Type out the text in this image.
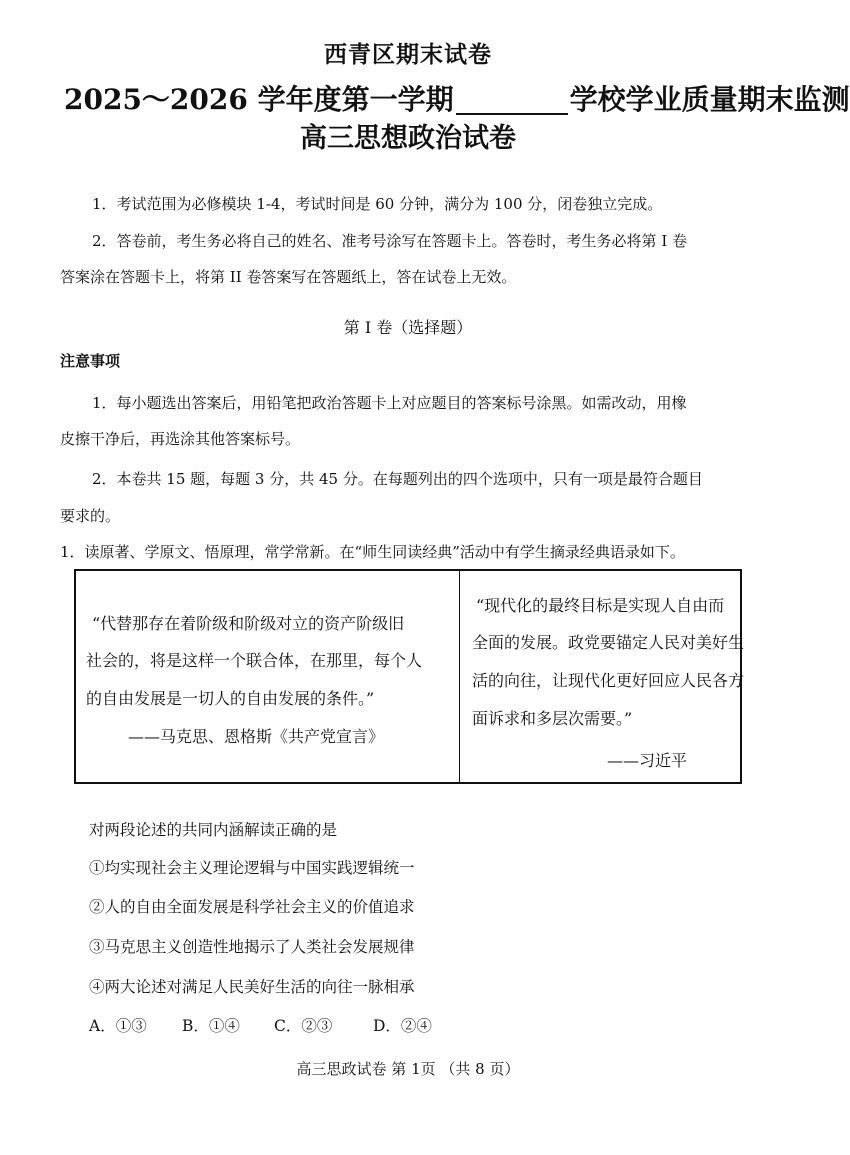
西青区期末试卷
2025～2026 学年度第一学期	学校学业质量期末监测
高三思想政治试卷
1．考试范围为必修模块 1-4，考试时间是 60 分钟，满分为 100 分，闭卷独立完成。
2．答卷前，考生务必将自己的姓名、准考号涂写在答题卡上。答卷时，考生务必将第 I 卷
答案涂在答题卡上，将第 II 卷答案写在答题纸上，答在试卷上无效。
第 I 卷（选择题）
注意事项
1．每小题选出答案后，用铅笔把政治答题卡上对应题目的答案标号涂黑。如需改动，用橡
皮擦干净后，再选涂其他答案标号。
2．本卷共 15 题，每题 3 分，共 45 分。在每题列出的四个选项中，只有一项是最符合题目
要求的。
1．读原著、学原文、悟原理，常学常新。在“师生同读经典”活动中有学生摘录经典语录如下。
“代替那存在着阶级和阶级对立的资产阶级旧
社会的，将是这样一个联合体，在那里，每个人
的自由发展是一切人的自由发展的条件。”
——马克思、恩格斯《共产党宣言》
“现代化的最终目标是实现人自由而
全面的发展。政党要锚定人民对美好生
活的向往，让现代化更好回应人民各方
面诉求和多层次需要。”
——习近平
对两段论述的共同内涵解读正确的是
①均实现社会主义理论逻辑与中国实践逻辑统一
②人的自由全面发展是科学社会主义的价值追求
③马克思主义创造性地揭示了人类社会发展规律
④两大论述对满足人民美好生活的向往一脉相承
A．①③ B．①④ C．②③	D．②④
高三思政试卷 第 1页 （共 8 页）
